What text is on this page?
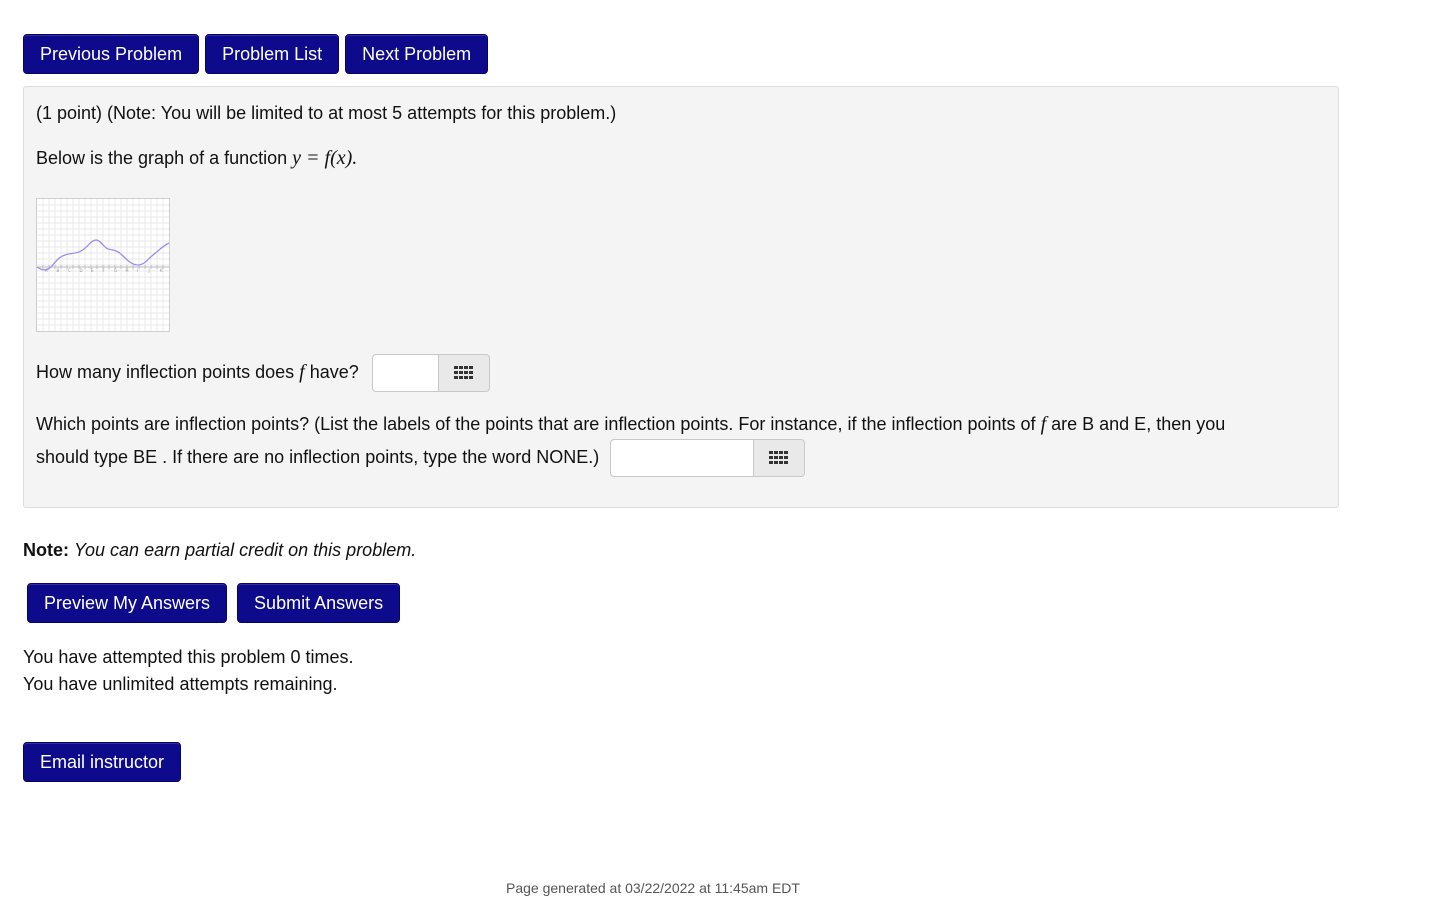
Previous Problem	Problem List	Next Problem
(1 point) (Note: You will be limited to at most 5 attempts for this problem.)
Below is the graph of a function y = f(x).
A B C D E F G H I	J	K
How many inflection points does f have?
Which points are inflection points? (List the labels of the points that are inflection points. For instance, if the inflection points of f are B and E, then you
should type BE . If there are no inflection points, type the word NONE.)
Note: You can earn partial credit on this problem.
Preview My Answers	Submit Answers
You have attempted this problem 0 times.
You have unlimited attempts remaining.
Email instructor
Page generated at 03/22/2022 at 11:45am EDT
